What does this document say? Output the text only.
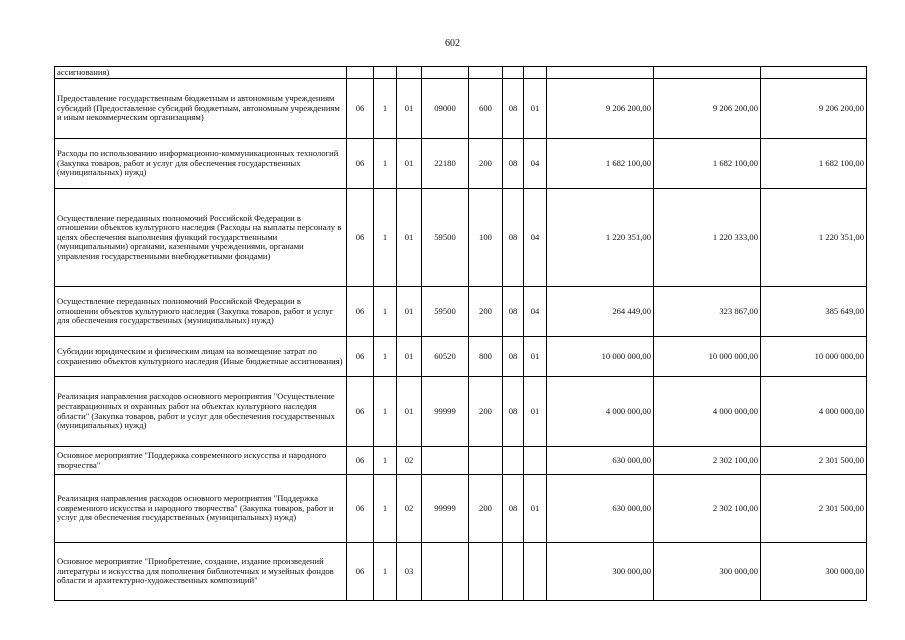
602
ассигнования)										
Предоставление государственным бюджетным и автономным учреждениям субсидий (Предоставление субсидий бюджетным, автономным учреждениям и иным некоммерческим организациям)	06	1	01	09000	600	08	01	9 206 200,00	9 206 200,00	9 206 200,00
Расходы по использованию информационно-коммуникационных технологий (Закупка товаров, работ и услуг для обеспечения государственных (муниципальных) нужд)	06	1	01	22180	200	08	04	1 682 100,00	1 682 100,00	1 682 100,00
Осуществление переданных полномочий Российской Федерации в отношении объектов культурного наследия (Расходы на выплаты персоналу в целях обеспечения выполнения функций государственными (муниципальными) органами, казенными учреждениями, органами управления государственными внебюджетными фондами)	06	1	01	59500	100	08	04	1 220 351,00	1 220 333,00	1 220 351,00
Осуществление переданных полномочий Российской Федерации в отношении объектов культурного наследия (Закупка товаров, работ и услуг для обеспечения государственных (муниципальных) нужд)	06	1	01	59500	200	08	04	264 449,00	323 867,00	385 649,00
Субсидии юридическим и физическим лицам на возмещение затрат по сохранению объектов культурного наследия (Иные бюджетные ассигнования)	06	1	01	60520	800	08	01	10 000 000,00	10 000 000,00	10 000 000,00
Реализация направления расходов основного мероприятия "Осуществление реставрационных и охранных работ на объектах культурного наследия области" (Закупка товаров, работ и услуг для обеспечения государственных (муниципальных) нужд)	06	1	01	99999	200	08	01	4 000 000,00	4 000 000,00	4 000 000,00
Основное мероприятие "Поддержка современного искусства и народного творчества"	06	1	02					630 000,00	2 302 100,00	2 301 500,00
Реализация направления расходов основного мероприятия "Поддержка современного искусства и народного творчества" (Закупка товаров, работ и услуг для обеспечения государственных (муниципальных) нужд)	06	1	02	99999	200	08	01	630 000,00	2 302 100,00	2 301 500,00
Основное мероприятие "Приобретение, создание, издание произведений литературы и искусства для пополнения библиотечных и музейных фондов области и архитектурно-художественных композиций"	06	1	03					300 000,00	300 000,00	300 000,00
